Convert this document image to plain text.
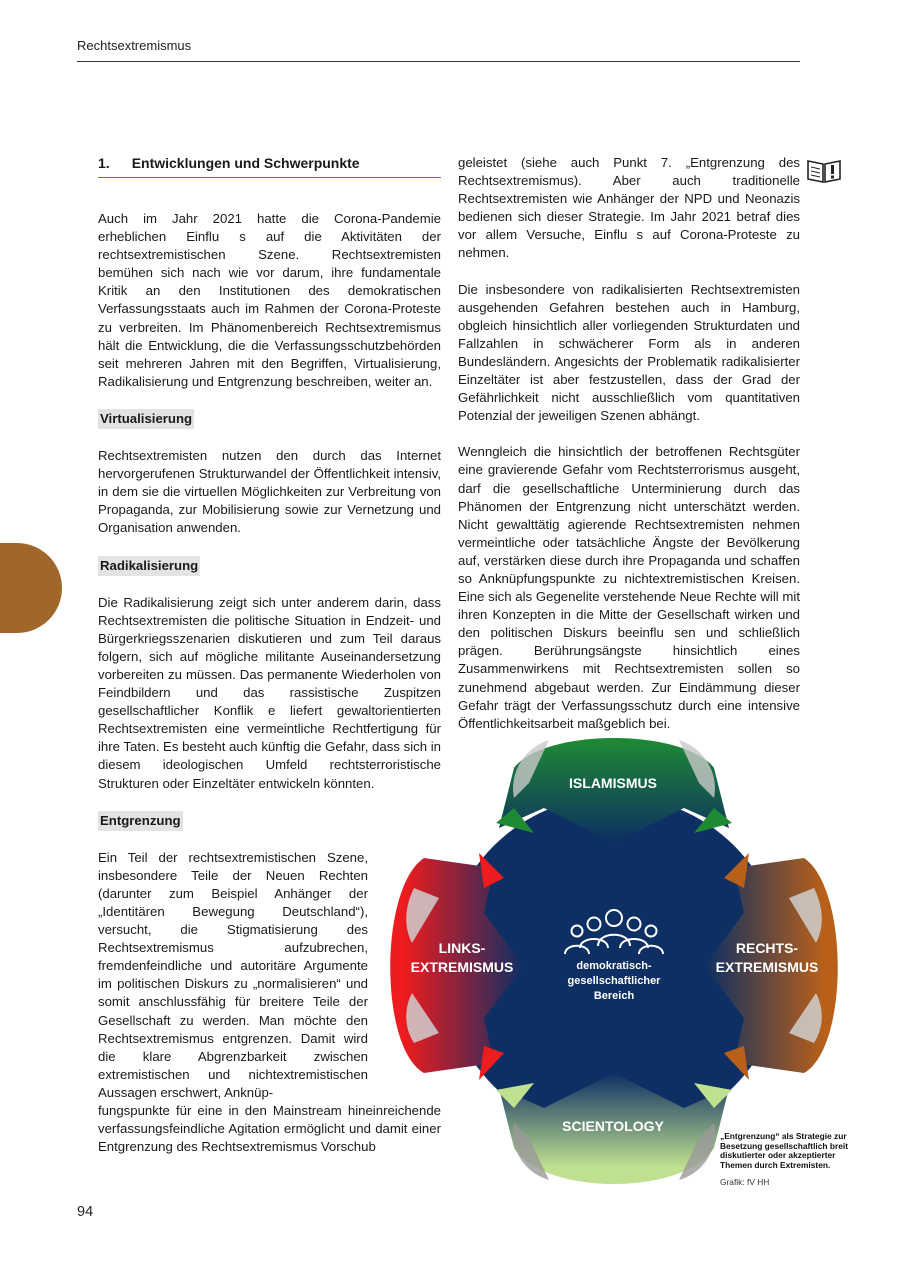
Rechtsextremismus
1. Entwicklungen und Schwerpunkte

Auch im Jahr 2021 hatte die Corona-Pandemie erheblichen Einflu s auf die Aktivitäten der rechtsextremistischen Szene. Rechtsextremisten bemühen sich nach wie vor darum, ihre fundamentale Kritik an den Institutionen des demokratischen Verfassungsstaats auch im Rahmen der Corona-Proteste zu verbreiten. Im Phänomenbereich Rechtsextremismus hält die Entwicklung, die die Verfassungsschutzbehörden seit mehreren Jahren mit den Begriffen, Virtualisierung, Radikalisierung und Entgrenzung beschreiben, weiter an.

Virtualisierung

Rechtsextremisten nutzen den durch das Internet hervorgerufenen Strukturwandel der Öffentlichkeit intensiv, in dem sie die virtuellen Möglichkeiten zur Verbreitung von Propaganda, zur Mobilisierung sowie zur Vernetzung und Organisation anwenden.

Radikalisierung

Die Radikalisierung zeigt sich unter anderem darin, dass Rechtsextremisten die politische Situation in Endzeit- und Bürgerkriegsszenarien diskutieren und zum Teil daraus folgern, sich auf mögliche militante Auseinandersetzung vorbereiten zu müssen. Das permanente Wiederholen von Feindbildern und das rassistische Zuspitzen gesellschaftlicher Konflik e liefert gewaltorientierten Rechtsextremisten eine vermeintliche Rechtfertigung für ihre Taten. Es besteht auch künftig die Gefahr, dass sich in diesem ideologischen Umfeld rechtsterroristische Strukturen oder Einzeltäter entwickeln könnten.

Entgrenzung
Ein Teil der rechtsextremistischen Szene, insbesondere Teile der Neuen Rechten (darunter zum Beispiel Anhänger der „Identitären Bewegung Deutschland“), versucht, die Stigmatisierung des Rechtsextremismus aufzubrechen, fremdenfeindliche und autoritäre Argumente im politischen Diskurs zu „normalisieren“ und somit anschlussfähig für breitere Teile der Gesellschaft zu werden. Man möchte den Rechtsextremismus entgrenzen. Damit wird die klare Abgrenzbarkeit zwischen extremistischen und nichtextremistischen Aussagen erschwert, Anknüp-
fungspunkte für eine in den Mainstream hineinreichende verfassungsfeindliche Agitation ermöglicht und damit einer Entgrenzung des Rechtsextremismus Vorschub

geleistet (siehe auch Punkt 7. „Entgrenzung des Rechtsextremismus). Aber auch traditionelle Rechtsextremisten wie Anhänger der NPD und Neonazis bedienen sich dieser Strategie. Im Jahr 2021 betraf dies vor allem Versuche, Einflu s auf Corona-Proteste zu nehmen.

Die insbesondere von radikalisierten Rechtsextremisten ausgehenden Gefahren bestehen auch in Hamburg, obgleich hinsichtlich aller vorliegenden Strukturdaten und Fallzahlen in schwächerer Form als in anderen Bundesländern. Angesichts der Problematik radikalisierter Einzeltäter ist aber festzustellen, dass der Grad der Gefährlichkeit nicht ausschließlich vom quantitativen Potenzial der jeweiligen Szenen abhängt.

Wenngleich die hinsichtlich der betroffenen Rechtsgüter eine gravierende Gefahr vom Rechtsterrorismus ausgeht, darf die gesellschaftliche Unterminierung durch das Phänomen der Entgrenzung nicht unterschätzt werden. Nicht gewalttätig agierende Rechtsextremisten nehmen vermeintliche oder tatsächliche Ängste der Bevölkerung auf, verstärken diese durch ihre Propaganda und schaffen so Anknüpfungspunkte zu nichtextremistischen Kreisen. Eine sich als Gegenelite verstehende Neue Rechte will mit ihren Konzepten in die Mitte der Gesellschaft wirken und den politischen Diskurs beeinflu sen und schließlich prägen. Berührungsängste hinsichtlich eines Zusammenwirkens mit Rechtsextremisten sollen so zunehmend abgebaut werden. Zur Eindämmung dieser Gefahr trägt der Verfassungsschutz durch eine intensive Öffentlichkeitsarbeit maßgeblich bei.

ISLAMISMUS
LINKS-
EXTREMISMUS
RECHTS-
EXTREMISMUS
SCIENTOLOGY
demokratisch-
gesellschaftlicher
Bereich
„Entgrenzung“ als Strategie zur Besetzung gesellschaftlich breit diskutierter oder akzeptierter Themen durch Extremisten.
Grafik: fV HH
94
